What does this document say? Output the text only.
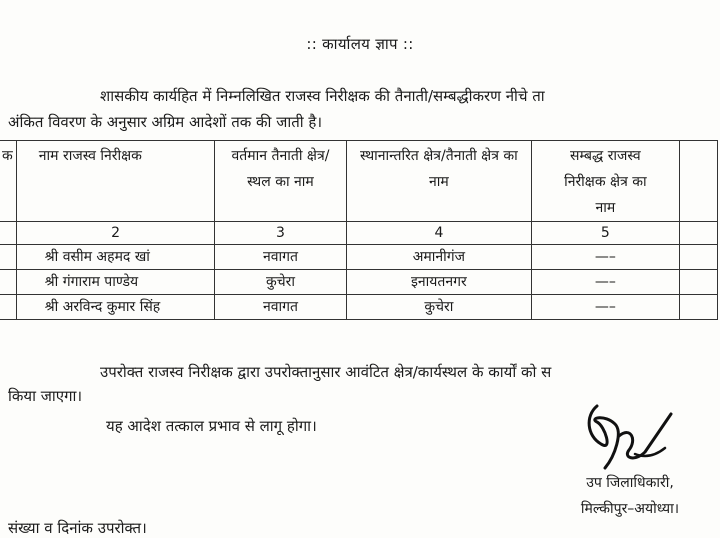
:: कार्यालय ज्ञाप ::
शासकीय कार्यहित में निम्नलिखित राजस्व निरीक्षक की तैनाती/सम्बद्धीकरण नीचे ता
अंकित विवरण के अनुसार अग्रिम आदेशों तक की जाती है।
क	नाम राजस्व निरीक्षक	वर्तमान तैनाती क्षेत्र/ स्थल का नाम	स्थानान्तरित क्षेत्र/तैनाती क्षेत्र का नाम	सम्बद्ध राजस्व निरीक्षक क्षेत्र का नाम	
	2	3	4	5	
	श्री वसीम अहमद खां	नवागत	अमानीगंज	—–	
	श्री गंगाराम पाण्डेय	कुचेरा	इनायतनगर	—–	
	श्री अरविन्द कुमार सिंह	नवागत	कुचेरा	—–	
उपरोक्त राजस्व निरीक्षक द्वारा उपरोक्तानुसार आवंटित क्षेत्र/कार्यस्थल के कार्यों को स
किया जाएगा।
यह आदेश तत्काल प्रभाव से लागू होगा।
उप जिलाधिकारी,
मिल्कीपुर–अयोध्या।
संख्या व दिनांक उपरोक्त।
